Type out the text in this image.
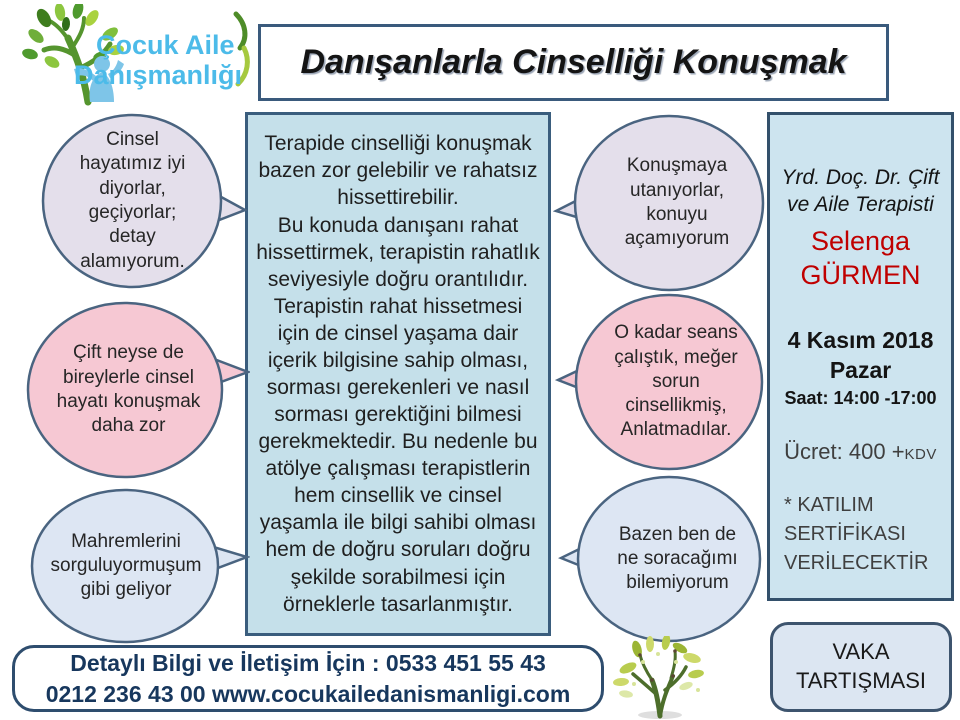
Çocuk Aile
Danışmanlığı Danışanlarla Cinselliği Konuşmak

Terapide cinselliği konuşmak bazen zor gelebilir ve rahatsız hissettirebilir.

Bu konuda danışanı rahat hissettirmek, terapistin rahatlık seviyesiyle doğru orantılıdır.

Terapistin rahat hissetmesi için de cinsel yaşama dair içerik bilgisine sahip olması, sorması gerekenleri ve nasıl sorması gerektiğini bilmesi gerekmektedir. Bu nedenle bu atölye çalışması terapistlerin hem cinsellik ve cinsel yaşamla ile bilgi sahibi olması hem de doğru soruları doğru şekilde sorabilmesi için örneklerle tasarlanmıştır.

Cinsel hayatımız iyi diyorlar, geçiyorlar; detay alamıyorum.
Çift neyse de bireylerle cinsel hayatı konuşmak daha zor
Mahremlerini sorguluyormuşum gibi geliyor
Konuşmaya utanıyorlar, konuyu açamıyorum
O kadar seans çalıştık, meğer sorun cinsellikmiş, Anlatmadılar.
Bazen ben de ne soracağımı bilemiyorum
Yrd. Doç. Dr. Çift ve Aile Terapisti
Selenga GÜRMEN
4 Kasım 2018 Pazar
Saat: 14:00 -17:00
Ücret: 400 +KDV
* KATILIM SERTİFİKASI VERİLECEKTİR
Detaylı Bilgi ve İletişim İçin : 0533 451 55 43
0212 236 43 00 www.cocukailedanismanligi.com
VAKA TARTIŞMASI
